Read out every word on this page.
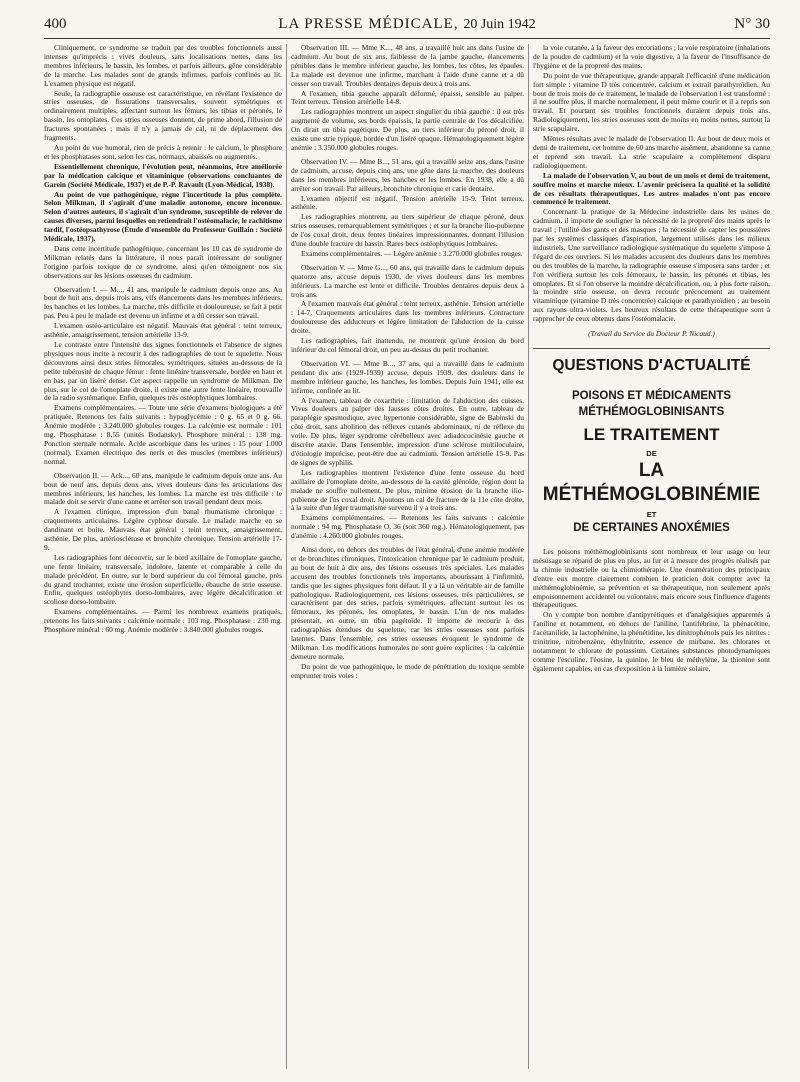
400	LA PRESSE MÉDICALE, 20 Juin 1942	N° 30

Cliniquement, ce syndrome se traduit par des troubles fonctionnels aussi intenses qu'imprécis : vives douleurs, sans localisations nettes, dans les membres inférieurs, le bassin, les lombes, et parfois ailleurs, gêne considérable de la marche. Les malades sont de grands infirmes, parfois confinés au lit. L'examen physique est négatif.

Seule, la radiographie osseuse est caractéristique, en révélant l'existence de stries osseuses, de fissurations transversales, souvent symétriques et ordinairement multiples, affectant surtout les fémurs, les tibias et péronés, le bassin, les omoplates. Ces stries osseuses donnent, de prime abord, l'illusion de fractures spontanées ; mais il n'y a jamais de cal, ni de déplacement des fragments.

Au point de vue humoral, rien de précis à retenir : le calcium, le phosphore et les phosphatases sont, selon les cas, normaux, abaissés ou augmentés.

Essentiellement chronique, l'évolution peut, néanmoins, être améliorée par la médication calcique et vitaminique (observations concluantes de Garein (Société Médicale, 1937) et de P.-P. Ravault (Lyon-Médical, 1938).

Au point de vue pathogénique, règne l'incertitude la plus complète. Selon Milkman, il s'agirait d'une maladie autonome, encore inconnue. Selon d'autres auteurs, il s'agirait d'un syndrome, susceptible de relever de causes diverses, parmi lesquelles on retiendrait l'ostéomalacie, le rachitisme tardif, l'ostéopsathyrose (Étude d'ensemble du Professeur Guillain : Société Médicale, 1937).

Dans cette incertitude pathogénique, concernant les 10 cas de syndrome de Milkman relatés dans la littérature, il nous paraît intéressant de souligner l'origine parfois toxique de ce syndrome, ainsi qu'en témoignent nos six observations sur les lésions osseuses du cadmium.

Observation I. — M..., 41 ans, manipule le cadmium depuis onze ans. Au bout de huit ans, depuis trois ans, vifs élancements dans les membres inférieurs, les hanches et les lombes. La marche, très difficile et douloureuse, se fait à petit pas. Peu à peu le malade est devenu un infirme et a dû cesser son travail.

L'examen ostéo-articulaire est négatif. Mauvais état général : teint terreux, asthénie, amaigrissement, tension artérielle 13-9.

Le contraste entre l'intensité des signes fonctionnels et l'absence de signes physiques nous incite à recourir à des radiographies de tout le squelette. Nous découvrons ainsi deux stries fémorales, symétriques, situées au-dessous de la petite tubérosité de chaque fémur : fente linéaire transversale, bordée en haut et en bas, par un liséré dense. Cet aspect rappelle un syndrome de Milkman. De plus, sur le col de l'omoplate droite, il existe une autre fente linéaire, trouvaille de la radio systématique. Enfin, quelques très ostéophytiques lombaires.

Examens complémentaires. — Toute une série d'examens biologiques a été pratiquée. Retenons les faits suivants : hypoglycémie : 0 g. 65 et 0 g. 66. Anémie modérée : 3.240.000 globules rouges. La calcémie est normale : 101 mg. Phosphatase : 8,55 (unités Bodansky). Phosphore minéral : 138 mg. Ponction sternale normale. Acide ascorbique dans les urines : 15 pour 1.000 (normal). Examen électrique des nerfs et des muscles (membres inférieurs) normal.

Observation II. — Ack..., 60 ans, manipule le cadmium depuis onze ans. Au bout de neuf ans, depuis deux ans, vives douleurs dans les articulations des membres inférieurs, les hanches, les lombes. La marche est très difficile : le malade doit se servir d'une canne et arrêter son travail pendant deux mois.

A l'examen clinique, impression d'un banal rhumatisme chronique : craquements articulaires. Légère cyphose dorsale. Le malade marche en se dandinant et boite. Mauvais état général : teint terreux, amaigrissement, asthénie. De plus, artériosclérose et bronchite chronique. Tension artérielle 17-9.

Les radiographies font découvrir, sur le bord axillaire de l'omoplate gauche, une fente linéaire, transversale, indolore, latente et comparable à celle du malade précédent. En outre, sur le bord supérieur du col fémoral gauche, près du grand trochanter, existe une érosion superficielle, ébauche de strie osseuse. Enfin, quelques ostéophytes dorso-lombaires, avec légère décalcification et scoliose dorso-lombaire.

Examens complémentaires. — Parmi les nombreux examens pratiqués, retenons les faits suivants : calcémie normale : 103 mg. Phosphatase : 230 mg. Phosphore minéral : 60 mg. Anémie modérée : 3.840.000 globules rouges.

Observation III. — Mme K..., 48 ans, a travaillé huit ans dans l'usine de cadmium. Au bout de six ans, faiblesse de la jambe gauche, élancements pénibles dans le membre inférieur gauche, les lombes, les côtes, les épaules. La malade est devenue une infirme, marchant à l'aide d'une canne et a dû cesser son travail. Troubles dentaires depuis deux à trois ans.

A l'examen, tibia gauche apparaît déformé, épaissi, sensible au palper. Teint terreux. Tension artérielle 14-8.

Les radiographies montrent un aspect singulier du tibia gauche : il est très augmenté de volume, ses bords épaissis, la partie centrale de l'os décalcifiée. On dirait un tibia pagétique. De plus, au tiers inférieur du péroné droit, il existe une strie typique, bordée d'un liséré opaque. Hématologiquement légère anémie : 3.350.000 globules rouges.

Observation IV. — Mme B..., 51 ans, qui a travaillé seize ans, dans l'usine de cadmium, accuse, depuis cinq ans, une gêne dans la marche, des douleurs dans les membres inférieurs, les hanches et les lombes. En 1938, elle a dû arrêter son travail. Par ailleurs, bronchite chronique et carie dentaire.

L'examen objectif est négatif. Tension artérielle 15-9. Teint terreux, asthénie.

Les radiographies montrent, au tiers supérieur de chaque péroné, deux stries osseuses, remarquablement symétriques ; et sur la branche ilio-pubienne de l'os coxal droit, deux fentes linéaires impressionnantes, donnant l'illusion d'une double fracture du bassin. Rares becs ostéophytiques lombaires.

Examens complémentaires. — Légère anémie : 3.270.000 globules rouges.

Observation V. — Mme G..., 60 ans, qui travaille dans le cadmium depuis quatorze ans, accuse depuis 1930, de vives douleurs dans les membres inférieurs. La marche est lente et difficile. Troubles dentaires depuis deux à trois ans.

A l'examen mauvais état général : teint terreux, asthénie. Tension artérielle : 14-7. Craquements articulaires dans les membres inférieurs. Contracture douloureuse des adducteurs et légère limitation de l'abduction de la cuisse droite.

Les radiographies, fait inattendu, ne montrent qu'une érosion du bord inférieur du col fémoral droit, un peu au-dessus du petit trochanter.

Observation VI. — Mme B..., 37 ans, qui a travaillé dans le cadmium pendant dix ans (1929-1939) accuse, depuis 1939, des douleurs dans le membre inférieur gauche, les hanches, les lombes. Depuis Juin 1941, elle est infirme, confinée au lit.

A l'examen, tableau de coxarthrie : limitation de l'abduction des cuisses. Vives douleurs au palper des fausses côtes droites. En outre, tableau de paraplégie spasmodique, avec hypertonie considérable, signe de Babinski du côté droit, sans abolition des réflexes cutanés abdominaux, ni de réflexe du voile. De plus, léger syndrome cérébelleux avec adiadococinésie gauche et discrète ataxie. Dans l'ensemble, impression d'une sclérose multiloculaire, d'étiologie imprécise, peut-être due au cadmium. Tension artérielle 15-9. Pas de signes de syphilis.

Les radiographies montrent l'existence d'une fente osseuse du bord axillaire de l'omoplate droite, au-dessous de la cavité glénoïde, région dont la malade ne souffre nullement. De plus, minime érosion de la branche ilio-pubienne de l'os coxal droit. Ajoutons un cal de fracture de la 11e côte droite, à la suite d'un léger traumatisme survenu il y a trois ans.

Examens complémentaires. — Retenons les faits suivants : calcémie normale : 94 mg. Phosphatase O, 36 (soit 360 mg.). Hématologiquement, pas d'anémie : 4.260.000 globules rouges.

Ainsi donc, en dehors des troubles de l'état général, d'une anémie modérée et de bronchites chroniques, l'intoxication chronique par le cadmium produit, au bout de huit à dix ans, des lésions osseuses très spéciales. Les malades accusent des troubles fonctionnels très importants, aboutissant à l'infirmité, tandis que les signes physiques font défaut. Il y a là un véritable air de famille pathologique. Radiologiquement, ces lésions osseuses, très particulières, se caractérisent par des stries, parfois symétriques, affectant surtout les os fémoraux, les péronés, les omoplates, le bassin. L'un de nos malades présentait, en outre, un tibia pagétoïde. Il importe de recourir à des radiographies étendues du squelette, car les stries osseuses sont parfois latentes. Dans l'ensemble, ces stries osseuses évoquent le syndrome de Milkman. Les modifications humorales ne sont guère explicites : la calcémie demeure normale.

Du point de vue pathogénique, le mode de pénétration du toxique semble emprunter trois voies :

la voie cutanée, à la faveur des excoriations ; la voie respiratoire (inhalations de la poudre de cadmium) et la voie digestive, à la faveur de l'insuffisance de l'hygiène et de la propreté des mains.

Du point de vue thérapeutique, grande apparaît l'efficacité d'une médication fort simple : vitamine D très concentrée, calcium et extrait parathyroïdien. Au bout de trois mois de ce traitement, le malade de l'observation I est transformé : il ne souffre plus, il marche normalement, il peut même courir et il a repris son travail. Et pourtant ses troubles fonctionnels duraient depuis trois ans. Radiologiquement, les stries osseuses sont de moins en moins nettes, surtout la strie scapulaire.

Mêmes résultats avec le malade de l'observation II. Au bout de deux mois et demi de traitement, cet homme de 60 ans marche aisément, abandonne sa canne et reprend son travail. La strie scapulaire a complètement disparu radiologiquement.

La malade de l'observation V, au bout de un mois et demi de traitement, souffre moins et marche mieux. L'avenir précisera la qualité et la solidité de ces résultats thérapeutiques. Les autres malades n'ont pas encore commencé le traitement.

Concernant la pratique de la Médecine industrielle dans les usines de cadmium, il importe de souligner la nécessité de la propreté des mains après le travail ; l'utilité des gants et des masques ; la nécessité de capter les poussières par les systèmes classiques d'aspiration, largement utilisés dans les milieux industriels. Une surveillance radiologique systématique du squelette s'impose à l'égard de ces ouvriers. Si les malades accusent des douleurs dans les membres ou des troubles de la marche, la radiographie osseuse s'imposera sans tarder ; et l'on vérifiera surtout les cols fémoraux, le bassin, les péronés et tibias, les omoplates. Et si l'on observe la moindre décalcification, ou, à plus forte raison, la moindre strie osseuse, on devra recourir précocement au traitement vitaminique (vitamine D très concentrée) calcique et parathyroïdien ; au besoin aux rayons ultra-violets. Les heureux résultats de cette thérapeutique sont à rapprocher de ceux obtenus dans l'ostéomalacie.

(Travail du Service du Docteur P. Nicaud.)

QUESTIONS D'ACTUALITÉ
POISONS ET MÉDICAMENTS
MÉTHÉMOGLOBINISANTS
LE TRAITEMENT
DE
LA MÉTHÉMOGLOBINÉMIE
ET
DE CERTAINES ANOXÉMIES

Les poisons méthémoglobinisants sont nombreux et leur usage ou leur mésusage se répand de plus en plus, au fur et à mesure des progrès réalisés par la chimie industrielle ou la chimiothérapie. Une énumération des principaux d'entre eux montre clairement combien le praticien doit compter avec la méthémoglobinémie, sa prévention et sa thérapeutique, non seulement après empoisonnement accidentel ou volontaire, mais encore sous l'influence d'agents thérapeutiques.

On y compte bon nombre d'antipyrétiques et d'analgésiques apparentés à l'aniline et notamment, en dehors de l'aniline, l'antifébrine, la phénacétine, l'acétanilide, la lactophénine, la phénétidine, les dinitrophénols puis les nitrites : trinitrine, nitrobenzène, éthylnitrite, essence de mirbane, les chlorates et notamment le chlorate de potassium. Certaines substances photodynamiques comme l'esculine, l'éosine, la quinine, le bleu de méthylène, la thionine sont également capables, en cas d'exposition à la lumière solaire,
